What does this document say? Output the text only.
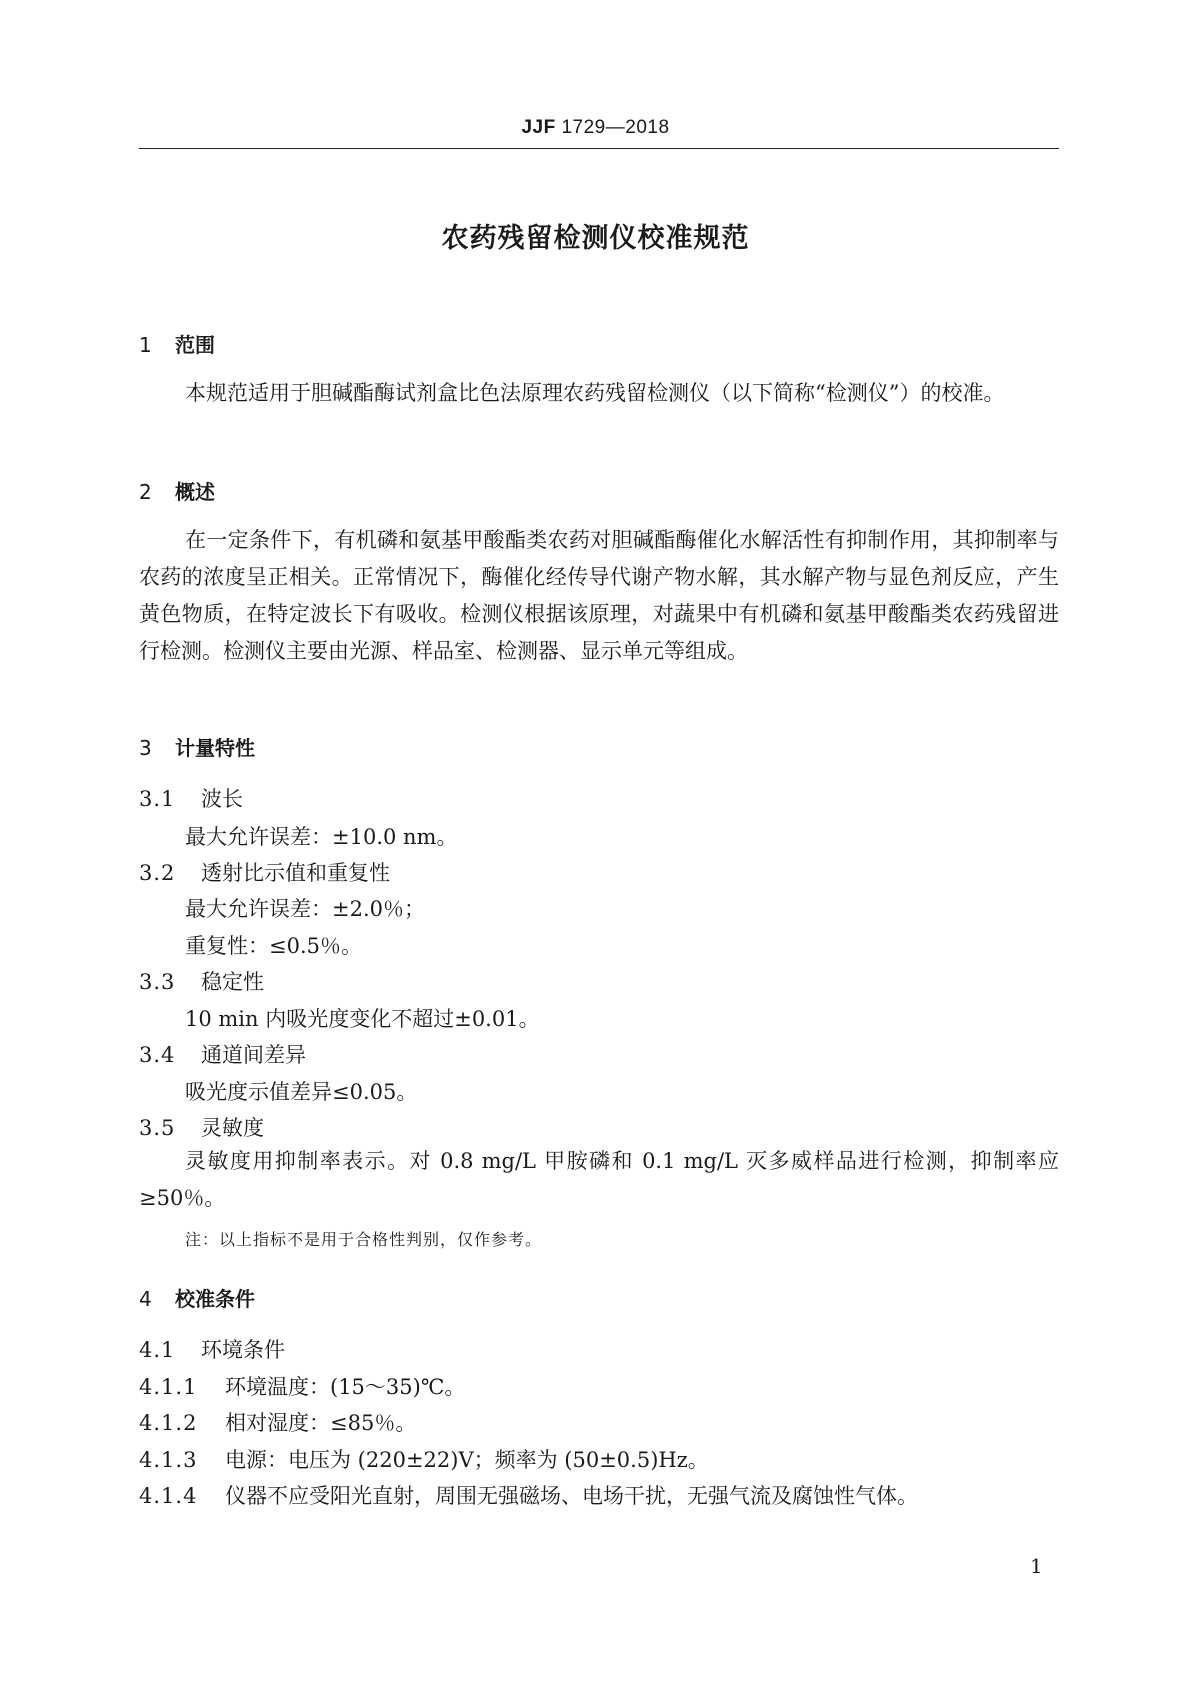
JJF 1729—2018
农药残留检测仪校准规范
1 范围
本规范适用于胆碱酯酶试剂盒比色法原理农药残留检测仪（以下简称“检测仪”）的校准。
2 概述
在一定条件下，有机磷和氨基甲酸酯类农药对胆碱酯酶催化水解活性有抑制作用，其抑制率与农药的浓度呈正相关。正常情况下，酶催化经传导代谢产物水解，其水解产物与显色剂反应，产生黄色物质，在特定波长下有吸收。检测仪根据该原理，对蔬果中有机磷和氨基甲酸酯类农药残留进行检测。检测仪主要由光源、样品室、检测器、显示单元等组成。
3 计量特性
3.1 波长
最大允许误差：±10.0 nm。
3.2 透射比示值和重复性
最大允许误差：±2.0％；
重复性：≤0.5％。
3.3 稳定性
10 min 内吸光度变化不超过±0.01。
3.4 通道间差异
吸光度示值差异≤0.05。
3.5 灵敏度
灵敏度用抑制率表示。对 0.8 mg/L 甲胺磷和 0.1 mg/L 灭多威样品进行检测，抑制率应≥50％。
注：以上指标不是用于合格性判别，仅作参考。
4 校准条件
4.1 环境条件
4.1.1 环境温度：(15～35)℃。
4.1.2 相对湿度：≤85％。
4.1.3 电源：电压为 (220±22)V；频率为 (50±0.5)Hz。
4.1.4 仪器不应受阳光直射，周围无强磁场、电场干扰，无强气流及腐蚀性气体。
1
